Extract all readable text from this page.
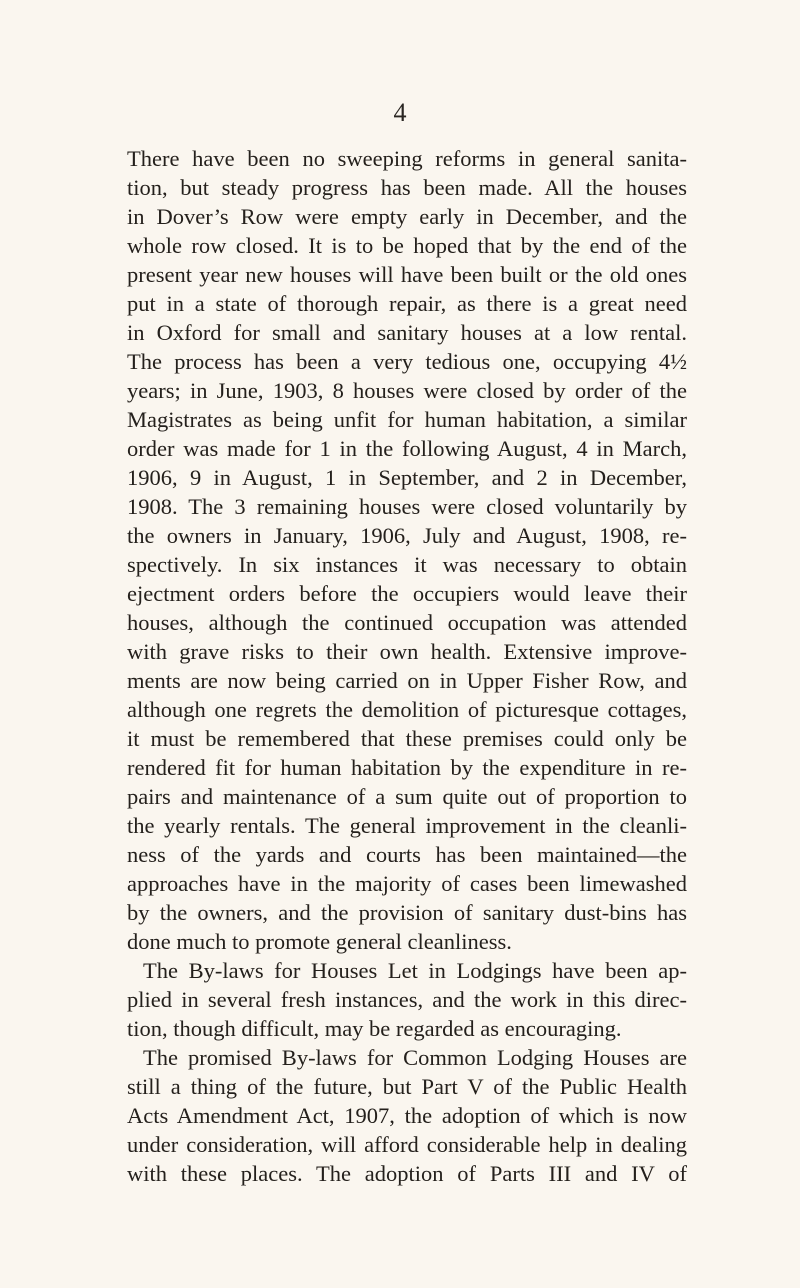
4
There have been no sweeping reforms in general sanita-
tion, but steady progress has been made. All the houses
in Dover’s Row were empty early in December, and the
whole row closed. It is to be hoped that by the end of the
present year new houses will have been built or the old ones
put in a state of thorough repair, as there is a great need
in Oxford for small and sanitary houses at a low rental.
The process has been a very tedious one, occupying 4½
years; in June, 1903, 8 houses were closed by order of the
Magistrates as being unfit for human habitation, a similar
order was made for 1 in the following August, 4 in March,
1906, 9 in August, 1 in September, and 2 in December,
1908. The 3 remaining houses were closed voluntarily by
the owners in January, 1906, July and August, 1908, re-
spectively. In six instances it was necessary to obtain
ejectment orders before the occupiers would leave their
houses, although the continued occupation was attended
with grave risks to their own health. Extensive improve-
ments are now being carried on in Upper Fisher Row, and
although one regrets the demolition of picturesque cottages,
it must be remembered that these premises could only be
rendered fit for human habitation by the expenditure in re-
pairs and maintenance of a sum quite out of proportion to
the yearly rentals. The general improvement in the cleanli-
ness of the yards and courts has been maintained—the
approaches have in the majority of cases been limewashed
by the owners, and the provision of sanitary dust-bins has
done much to promote general cleanliness.
The By-laws for Houses Let in Lodgings have been ap-
plied in several fresh instances, and the work in this direc-
tion, though difficult, may be regarded as encouraging.
The promised By-laws for Common Lodging Houses are
still a thing of the future, but Part V of the Public Health
Acts Amendment Act, 1907, the adoption of which is now
under consideration, will afford considerable help in dealing
with these places. The adoption of Parts III and IV of
